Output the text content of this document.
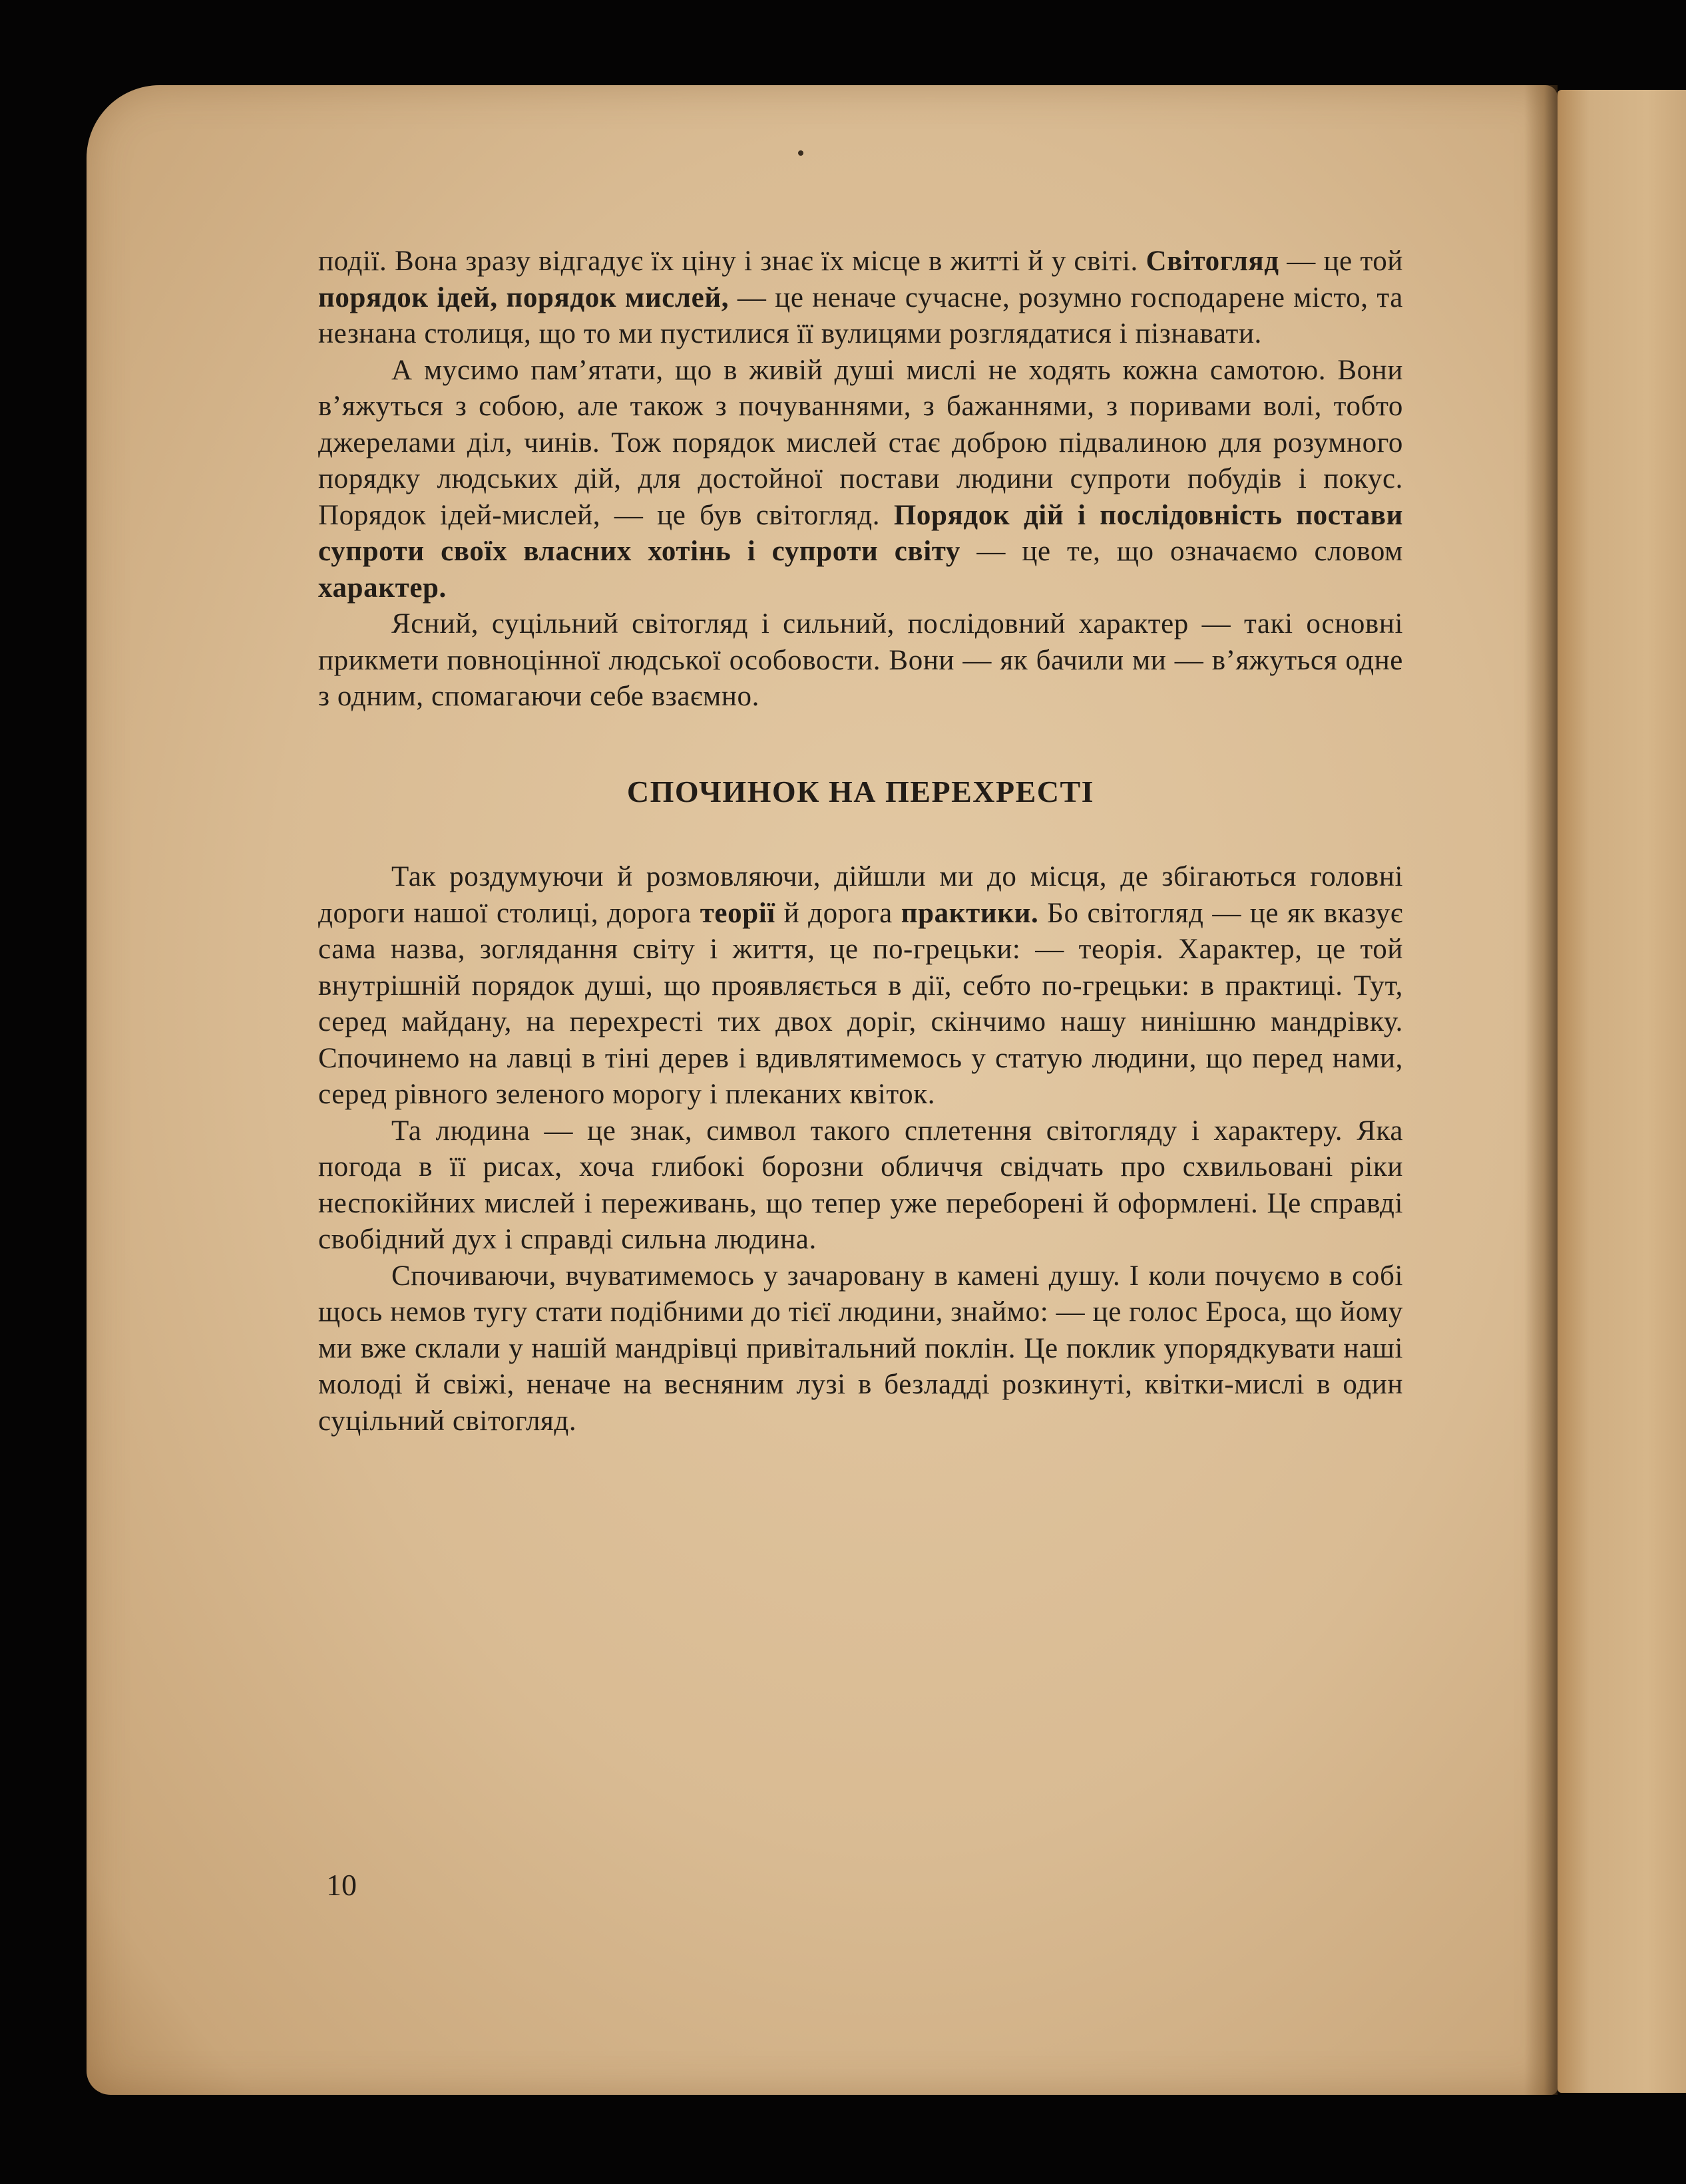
події. Вона зразу відгадує їх ціну і знає їх місце в житті й у світі. Світогляд — це той порядок ідей, порядок мислей, — це неначе сучасне, розумно господарене місто, та незнана столиця, що то ми пустилися її вулицями розглядатися і пізнавати.

А мусимо пам’ятати, що в живій душі мислі не ходять кожна самотою. Вони в’яжуться з собою, але також з почуваннями, з бажаннями, з поривами волі, тобто джерелами діл, чинів. Тож порядок мислей стає доброю підвалиною для розумного порядку людських дій, для достойної постави людини супроти побудів і покус. Порядок ідей-мислей, — це був світогляд. Порядок дій і послідовність постави супроти своїх власних хотінь і супроти світу — це те, що означаємо словом характер.

Ясний, суцільний світогляд і сильний, послідовний характер — такі основні прикмети повноцінної людської особовости. Вони — як бачили ми — в’яжуться одне з одним, спомагаючи себе взаємно.

СПОЧИНОК НА ПЕРЕХРЕСТІ

Так роздумуючи й розмовляючи, дійшли ми до місця, де збігаються головні дороги нашої столиці, дорога теорії й дорога практики. Бо світогляд — це як вказує сама назва, зоглядання світу і життя, це по-грецьки: — теорія. Характер, це той внутрішній порядок душі, що проявляється в дії, себто по-грецьки: в практиці. Тут, серед майдану, на перехресті тих двох доріг, скінчимо нашу нинішню мандрівку. Спочинемо на лавці в тіні дерев і вдивлятимемось у статую людини, що перед нами, серед рівного зеленого морогу і плеканих квіток.

Та людина — це знак, символ такого сплетення світогляду і характеру. Яка погода в її рисах, хоча глибокі борозни обличчя свідчать про схвильовані ріки неспокійних мислей і переживань, що тепер уже переборені й оформлені. Це справді свобідний дух і справді сильна людина.

Спочиваючи, вчуватимемось у зачаровану в камені душу. І коли почуємо в собі щось немов тугу стати подібними до тієї людини, знаймо: — це голос Ероса, що йому ми вже склали у нашій мандрівці привітальний поклін. Це поклик упорядкувати наші молоді й свіжі, неначе на весняним лузі в безладді розкинуті, квітки-мислі в один суцільний світогляд.

10
